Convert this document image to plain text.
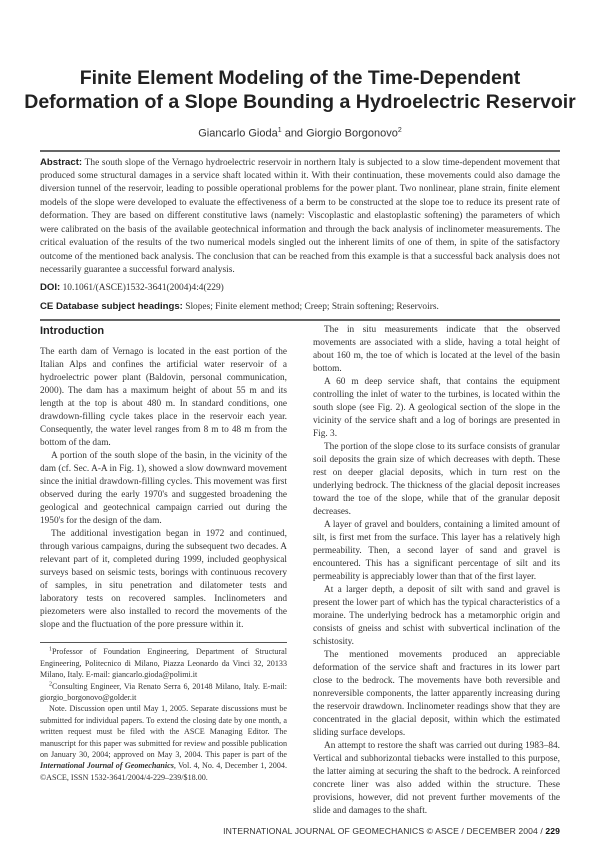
Finite Element Modeling of the Time-Dependent Deformation of a Slope Bounding a Hydroelectric Reservoir
Giancarlo Gioda$^1$ and Giorgio Borgonovo$^2$
Abstract: The south slope of the Vernago hydroelectric reservoir in northern Italy is subjected to a slow time-dependent movement that produced some structural damages in a service shaft located within it. With their continuation, these movements could also damage the diversion tunnel of the reservoir, leading to possible operational problems for the power plant. Two nonlinear, plane strain, finite element models of the slope were developed to evaluate the effectiveness of a berm to be constructed at the slope toe to reduce its present rate of deformation. They are based on different constitutive laws (namely: Viscoplastic and elastoplastic softening) the parameters of which were calibrated on the basis of the available geotechnical information and through the back analysis of inclinometer measurements. The critical evaluation of the results of the two numerical models singled out the inherent limits of one of them, in spite of the satisfactory outcome of the mentioned back analysis. The conclusion that can be reached from this example is that a successful back analysis does not necessarily guarantee a successful forward analysis.
DOI: 10.1061/(ASCE)1532-3641(2004)4:4(229)
CE Database subject headings: Slopes; Finite element method; Creep; Strain softening; Reservoirs.
Introduction

The earth dam of Vernago is located in the east portion of the Italian Alps and confines the artificial water reservoir of a hydroelectric power plant (Baldovin, personal communication, 2000). The dam has a maximum height of about 55 m and its length at the top is about 480 m. In standard conditions, one drawdown-filling cycle takes place in the reservoir each year. Consequently, the water level ranges from 8 m to 48 m from the bottom of the dam.

A portion of the south slope of the basin, in the vicinity of the dam (cf. Sec. A-A in Fig. 1), showed a slow downward movement since the initial drawdown-filling cycles. This movement was first observed during the early 1970's and suggested broadening the geological and geotechnical campaign carried out during the 1950's for the design of the dam.

The additional investigation began in 1972 and continued, through various campaigns, during the subsequent two decades. A relevant part of it, completed during 1999, included geophysical surveys based on seismic tests, borings with continuous recovery of samples, in situ penetration and dilatometer tests and laboratory tests on recovered samples. Inclinometers and piezometers were also installed to record the movements of the slope and the fluctuation of the pore pressure within it.

$^1$Professor of Foundation Engineering, Department of Structural Engineering, Politecnico di Milano, Piazza Leonardo da Vinci 32, 20133 Milano, Italy. E-mail: giancarlo.gioda@polimi.it

$^2$Consulting Engineer, Via Renato Serra 6, 20148 Milano, Italy. E-mail: giorgio_borgonovo@golder.it

Note. Discussion open until May 1, 2005. Separate discussions must be submitted for individual papers. To extend the closing date by one month, a written request must be filed with the ASCE Managing Editor. The manuscript for this paper was submitted for review and possible publication on January 30, 2004; approved on May 3, 2004. This paper is part of the International Journal of Geomechanics, Vol. 4, No. 4, December 1, 2004. ©ASCE, ISSN 1532-3641/2004/4-229–239/$18.00.

The in situ measurements indicate that the observed movements are associated with a slide, having a total height of about 160 m, the toe of which is located at the level of the basin bottom.

A 60 m deep service shaft, that contains the equipment controlling the inlet of water to the turbines, is located within the south slope (see Fig. 2). A geological section of the slope in the vicinity of the service shaft and a log of borings are presented in Fig. 3.

The portion of the slope close to its surface consists of granular soil deposits the grain size of which decreases with depth. These rest on deeper glacial deposits, which in turn rest on the underlying bedrock. The thickness of the glacial deposit increases toward the toe of the slope, while that of the granular deposit decreases.

A layer of gravel and boulders, containing a limited amount of silt, is first met from the surface. This layer has a relatively high permeability. Then, a second layer of sand and gravel is encountered. This has a significant percentage of silt and its permeability is appreciably lower than that of the first layer.

At a larger depth, a deposit of silt with sand and gravel is present the lower part of which has the typical characteristics of a moraine. The underlying bedrock has a metamorphic origin and consists of gneiss and schist with subvertical inclination of the schistosity.

The mentioned movements produced an appreciable deformation of the service shaft and fractures in its lower part close to the bedrock. The movements have both reversible and nonreversible components, the latter apparently increasing during the reservoir drawdown. Inclinometer readings show that they are concentrated in the glacial deposit, within which the estimated sliding surface develops.

An attempt to restore the shaft was carried out during 1983–84. Vertical and subhorizontal tiebacks were installed to this purpose, the latter aiming at securing the shaft to the bedrock. A reinforced concrete liner was also added within the structure. These provisions, however, did not prevent further movements of the slide and damages to the shaft.

INTERNATIONAL JOURNAL OF GEOMECHANICS © ASCE / DECEMBER 2004 / 229
